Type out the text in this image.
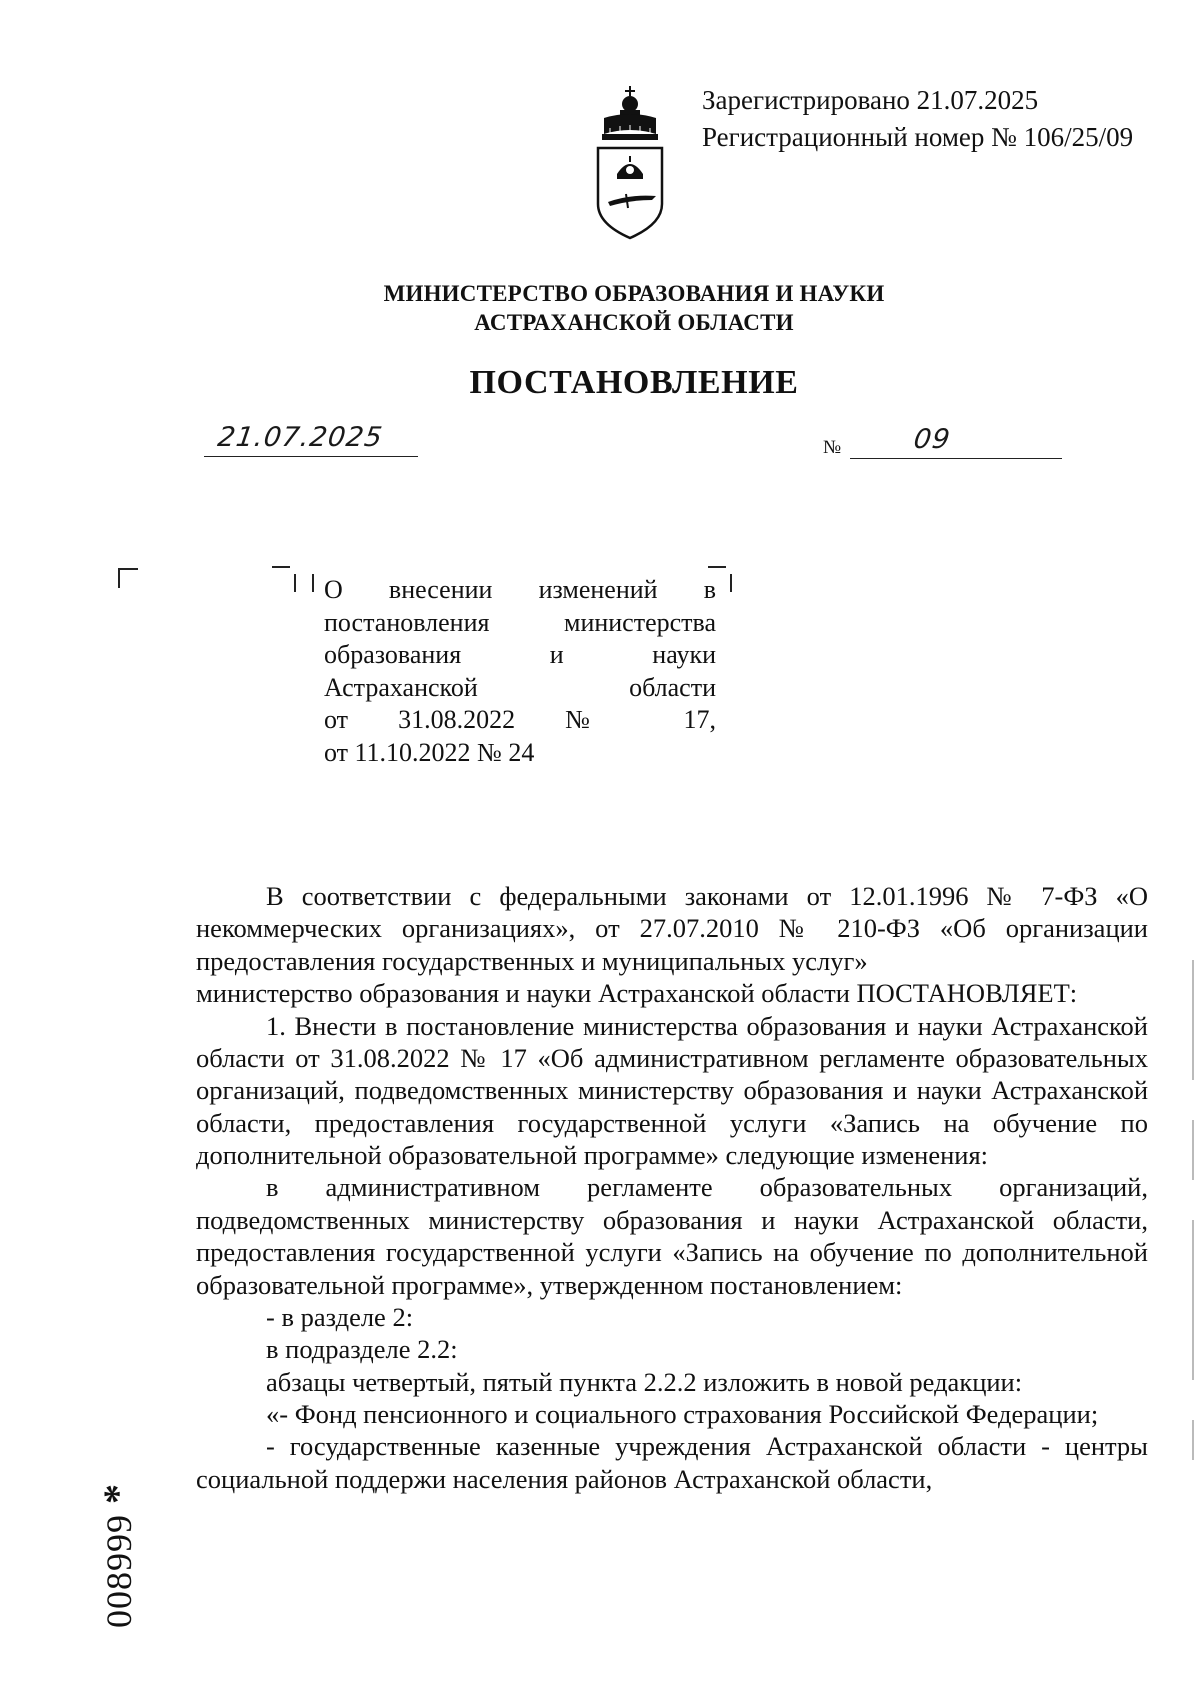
Зарегистрировано 21.07.2025
Регистрационный номер № 106/25/09
МИНИСТЕРСТВО ОБРАЗОВАНИЯ И НАУКИ
АСТРАХАНСКОЙ ОБЛАСТИ
ПОСТАНОВЛЕНИЕ
21.07.2025	№	09
О внесении изменений в
постановления министерства
образования и науки
Астраханской области
от 31.08.2022 № 17,
от 11.10.2022 № 24

В соответствии с федеральными законами от 12.01.1996 № 7-ФЗ «О некоммерческих организациях», от 27.07.2010 № 210-ФЗ «Об организации предоставления государственных и муниципальных услуг»

министерство образования и науки Астраханской области ПОСТАНОВЛЯЕТ:

1. Внести в постановление министерства образования и науки Астраханской области от 31.08.2022 № 17 «Об административном регламенте образовательных организаций, подведомственных министерству образования и науки Астраханской области, предоставления государственной услуги «Запись на обучение по дополнительной образовательной программе» следующие изменения:

в административном регламенте образовательных организаций, подведомственных министерству образования и науки Астраханской области, предоставления государственной услуги «Запись на обучение по дополнительной образовательной программе», утвержденном постановлением:

- в разделе 2:

в подразделе 2.2:

абзацы четвертый, пятый пункта 2.2.2 изложить в новой редакции:

«- Фонд пенсионного и социального страхования Российской Федерации;

- государственные казенные учреждения Астраханской области - центры социальной поддержи населения районов Астраханской области,

008999 *
